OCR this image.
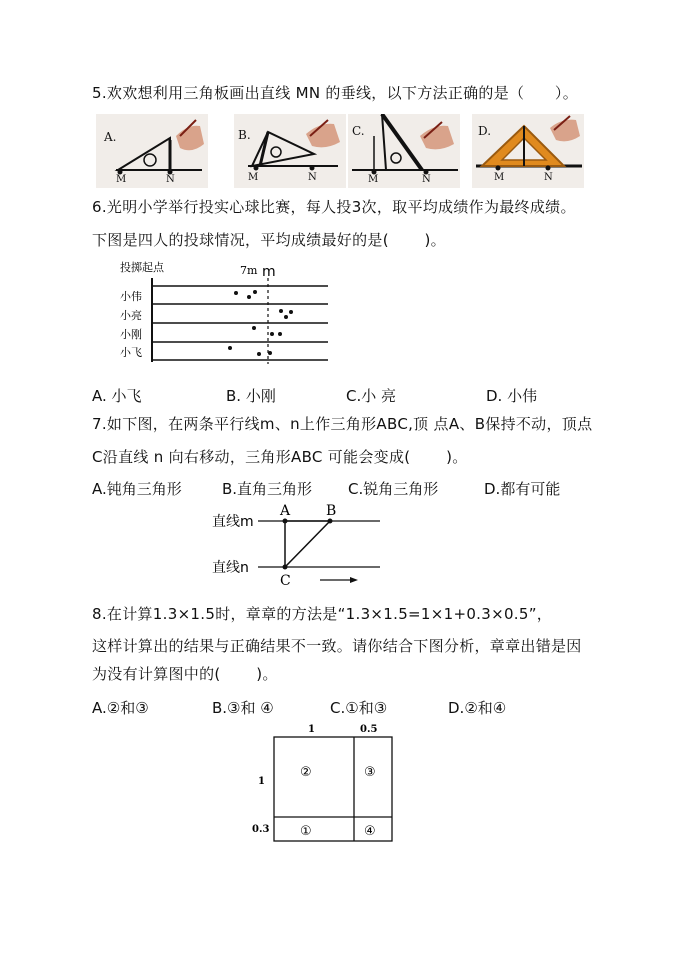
5.欢欢想利用三角板画出直线 MN 的垂线，以下方法正确的是（　　）。
A.
M	N
B.
M	N
C.
M	N
D.
M	N
6.光明小学举行投实心球比赛，每人投3次，取平均成绩作为最终成绩。
下图是四人的投球情况，平均成绩最好的是(　　 )。
投掷起点	7m m
小伟
小亮
小刚
小飞
A. 小飞	B. 小刚	C.小 亮	D. 小伟
7.如下图，在两条平行线m、n上作三角形ABC,顶 点A、B保持不动，顶点
C沿直线 n 向右移动，三角形ABC 可能会变成(　　 )。
A.钝角三角形	B.直角三角形 C.锐角三角形	D.都有可能
直线m
直线n
A	B
C
8.在计算1.3×1.5时，章章的方法是“1.3×1.5=1×1+0.3×0.5”，
这样计算出的结果与正确结果不一致。请你结合下图分析，章章出错是因
为没有计算图中的(　　 )。
A.②和③	B.③和 ④	C.①和③	D.②和④
1	0.5
1
0.3
②	③
①	④
